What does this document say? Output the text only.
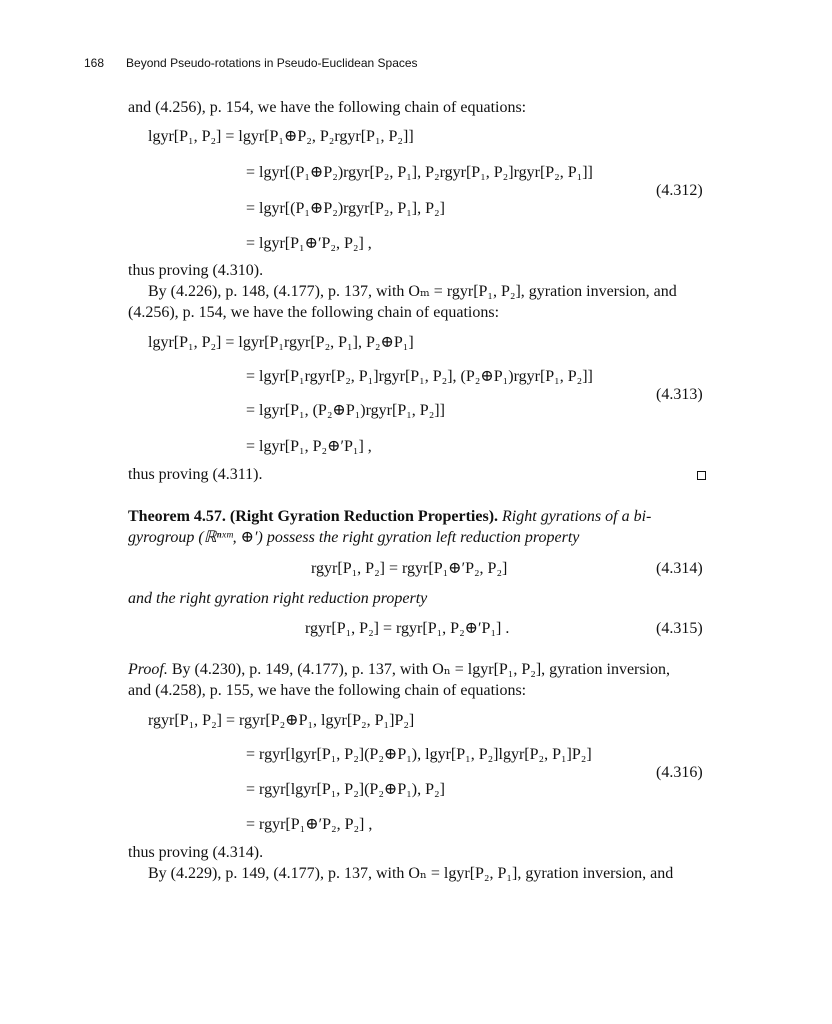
168 Beyond Pseudo-rotations in Pseudo-Euclidean Spaces
and (4.256), p. 154, we have the following chain of equations:
lgyr[P₁, P₂] = lgyr[P₁⊕P₂, P₂rgyr[P₁, P₂]]
= lgyr[(P₁⊕P₂)rgyr[P₂, P₁], P₂rgyr[P₁, P₂]rgyr[P₂, P₁]]
(4.312)
= lgyr[(P₁⊕P₂)rgyr[P₂, P₁], P₂]
= lgyr[P₁⊕′P₂, P₂] ,
thus proving (4.310).
By (4.226), p. 148, (4.177), p. 137, with Oₘ = rgyr[P₁, P₂], gyration inversion, and
(4.256), p. 154, we have the following chain of equations:
lgyr[P₁, P₂] = lgyr[P₁rgyr[P₂, P₁], P₂⊕P₁]
= lgyr[P₁rgyr[P₂, P₁]rgyr[P₁, P₂], (P₂⊕P₁)rgyr[P₁, P₂]]
(4.313)
= lgyr[P₁, (P₂⊕P₁)rgyr[P₁, P₂]]
= lgyr[P₁, P₂⊕′P₁] ,
thus proving (4.311).
Theorem 4.57. (Right Gyration Reduction Properties). Right gyrations of a bi-
gyrogroup (ℝⁿˣᵐ, ⊕′) possess the right gyration left reduction property
rgyr[P₁, P₂] = rgyr[P₁⊕′P₂, P₂]	(4.314)
and the right gyration right reduction property
rgyr[P₁, P₂] = rgyr[P₁, P₂⊕′P₁] .	(4.315)
Proof. By (4.230), p. 149, (4.177), p. 137, with Oₙ = lgyr[P₁, P₂], gyration inversion,
and (4.258), p. 155, we have the following chain of equations:
rgyr[P₁, P₂] = rgyr[P₂⊕P₁, lgyr[P₂, P₁]P₂]
= rgyr[lgyr[P₁, P₂](P₂⊕P₁), lgyr[P₁, P₂]lgyr[P₂, P₁]P₂]
(4.316)
= rgyr[lgyr[P₁, P₂](P₂⊕P₁), P₂]
= rgyr[P₁⊕′P₂, P₂] ,
thus proving (4.314).
By (4.229), p. 149, (4.177), p. 137, with Oₙ = lgyr[P₂, P₁], gyration inversion, and
